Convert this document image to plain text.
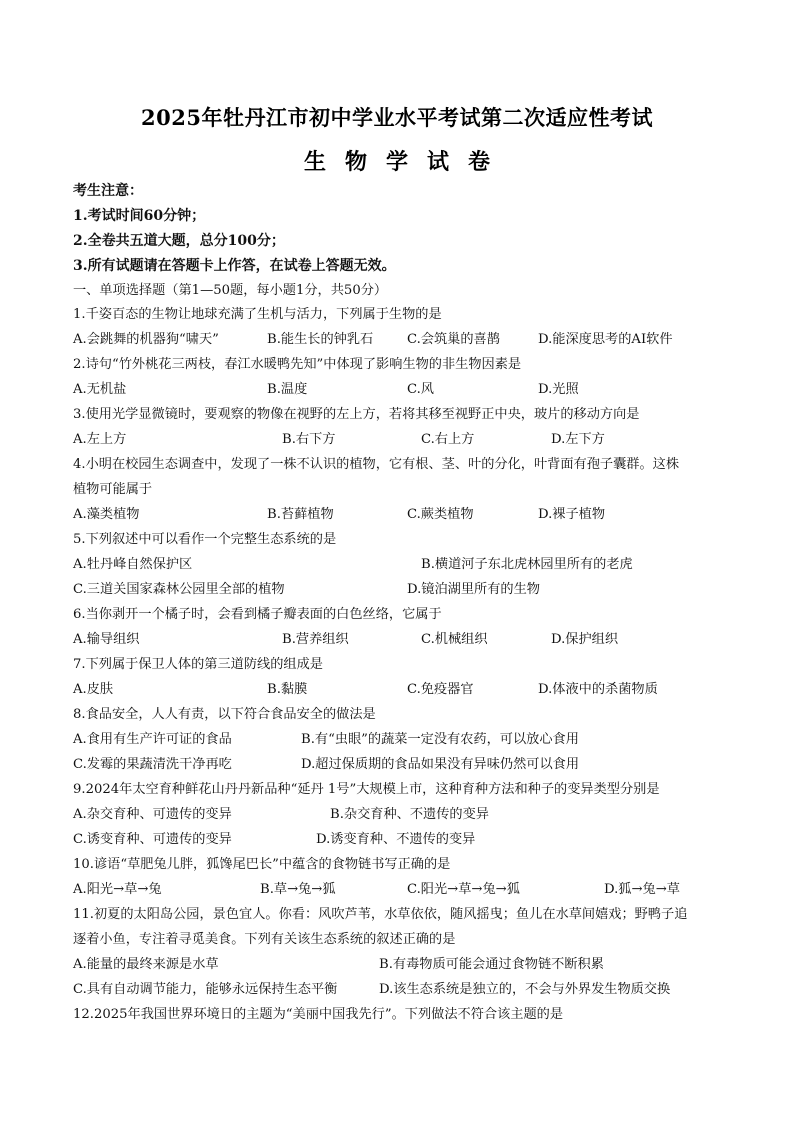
2025年牡丹江市初中学业水平考试第二次适应性考试
生物学试卷
考生注意：
1.考试时间60分钟；
2.全卷共五道大题，总分100分；
3.所有试题请在答题卡上作答，在试卷上答题无效。
一、单项选择题（第1—50题，每小题1分，共50分）
1.千姿百态的生物让地球充满了生机与活力，下列属于生物的是
A.会跳舞的机器狗“啸天”	B.能生长的钟乳石	C.会筑巢的喜鹊	D.能深度思考的AI软件
2.诗句“竹外桃花三两枝，春江水暖鸭先知”中体现了影响生物的非生物因素是
A.无机盐	B.温度	C.风	D.光照
3.使用光学显微镜时，要观察的物像在视野的左上方，若将其移至视野正中央，玻片的移动方向是
A.左上方	B.右下方	C.右上方	D.左下方
4.小明在校园生态调查中，发现了一株不认识的植物，它有根、茎、叶的分化，叶背面有孢子囊群。这株
植物可能属于
A.藻类植物	B.苔藓植物	C.蕨类植物	D.裸子植物
5.下列叙述中可以看作一个完整生态系统的是
A.牡丹峰自然保护区	B.横道河子东北虎林园里所有的老虎
C.三道关国家森林公园里全部的植物	D.镜泊湖里所有的生物
6.当你剥开一个橘子时，会看到橘子瓣表面的白色丝络，它属于
A.输导组织	B.营养组织	C.机械组织	D.保护组织
7.下列属于保卫人体的第三道防线的组成是
A.皮肤	B.黏膜	C.免疫器官	D.体液中的杀菌物质
8.食品安全，人人有责，以下符合食品安全的做法是
A.食用有生产许可证的食品	B.有“虫眼”的蔬菜一定没有农药，可以放心食用
C.发霉的果蔬清洗干净再吃	D.超过保质期的食品如果没有异味仍然可以食用
9.2024年太空育种鲜花山丹丹新品种“延丹 1号”大规模上市，这种育种方法和种子的变异类型分别是
A.杂交育种、可遗传的变异	B.杂交育种、不遗传的变异
C.诱变育种、可遗传的变异	D.诱变育种、不遗传的变异
10.谚语“草肥兔儿胖，狐馋尾巴长”中蕴含的食物链书写正确的是
A.阳光→草→兔	B.草→兔→狐	C.阳光→草→兔→狐	D.狐→兔→草
11.初夏的太阳岛公园，景色宜人。你看：风吹芦苇，水草依依，随风摇曳；鱼儿在水草间嬉戏；野鸭子追
逐着小鱼，专注着寻觅美食。下列有关该生态系统的叙述正确的是
A.能量的最终来源是水草	B.有毒物质可能会通过食物链不断积累
C.具有自动调节能力，能够永远保持生态平衡	D.该生态系统是独立的，不会与外界发生物质交换
12.2025年我国世界环境日的主题为“美丽中国我先行”。下列做法不符合该主题的是
